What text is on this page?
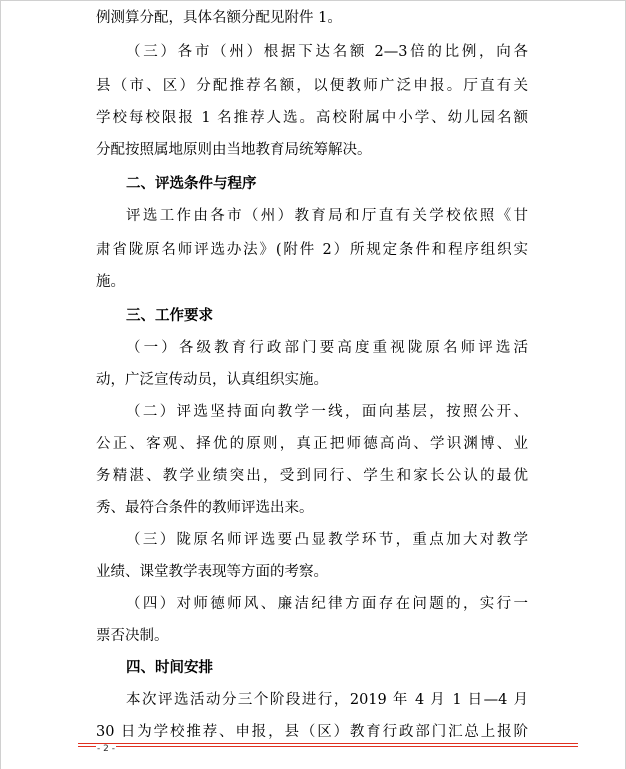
例测算分配，具体名额分配见附件 1。
（三）各市（州）根据下达名额 2—3倍的比例，向各
县（市、区）分配推荐名额，以便教师广泛申报。厅直有关
学校每校限报 1 名推荐人选。高校附属中小学、幼儿园名额
分配按照属地原则由当地教育局统筹解决。
二、评选条件与程序
评选工作由各市（州）教育局和厅直有关学校依照《甘
肃省陇原名师评选办法》(附件 2）所规定条件和程序组织实
施。
三、工作要求
（一）各级教育行政部门要高度重视陇原名师评选活
动，广泛宣传动员，认真组织实施。
（二）评选坚持面向教学一线，面向基层，按照公开、
公正、客观、择优的原则，真正把师德高尚、学识渊博、业
务精湛、教学业绩突出，受到同行、学生和家长公认的最优
秀、最符合条件的教师评选出来。
（三）陇原名师评选要凸显教学环节，重点加大对教学
业绩、课堂教学表现等方面的考察。
（四）对师德师风、廉洁纪律方面存在问题的，实行一
票否决制。
四、时间安排
本次评选活动分三个阶段进行，2019 年 4 月 1 日—4 月
30 日为学校推荐、申报，县（区）教育行政部门汇总上报阶
- 2 -
